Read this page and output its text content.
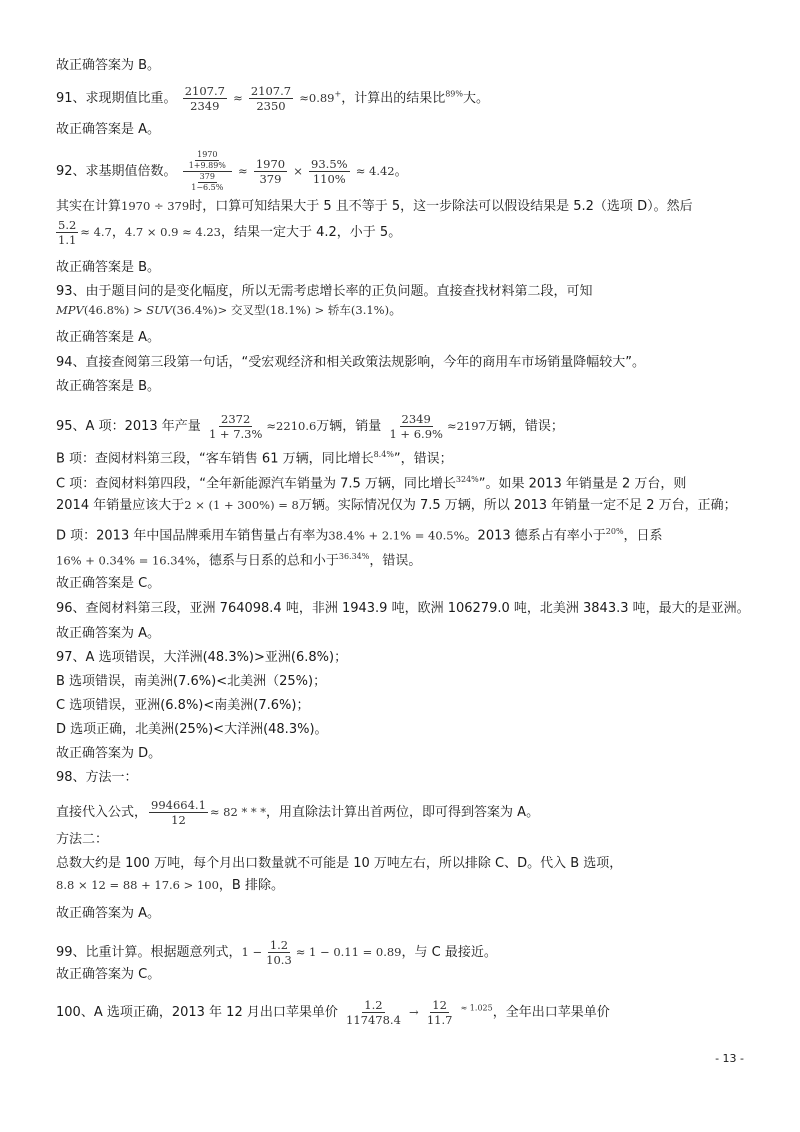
故正确答案为 B。
91、求现期值比重。 $\frac{2107.7}{2349} \approx \frac{2107.7}{2350} \approx 0.89^+$，计算出的结果比$^{89\%}$大。
故正确答案是 A。
92、求基期值倍数。 $\frac{\frac{1970}{1+9.89\%}}{\frac{379}{1-6.5\%}} \approx \frac{1970}{379} \times \frac{93.5\%}{110\%} \approx 4.42$。
其实在计算1970 ÷ 379时，口算可知结果大于 5 且不等于 5，这一步除法可以假设结果是 5.2（选项 D）。然后
$\frac{5.2}{1.1} \approx 4.7$，4.7 × 0.9 ≈ 4.23，结果一定大于 4.2，小于 5。
故正确答案是 B。
93、由于题目问的是变化幅度，所以无需考虑增长率的正负问题。直接查找材料第二段，可知
MPV(46.8%) > SUV(36.4%)> 交叉型(18.1%) > 轿车(3.1%)。
故正确答案是 A。
94、直接查阅第三段第一句话，“受宏观经济和相关政策法规影响，今年的商用车市场销量降幅较大”。
故正确答案是 B。
95、A 项：2013 年产量 $\frac{2372}{1 + 7.3\%} \approx 2210.6$万辆，销量 $\frac{2349}{1 + 6.9\%} \approx 2197$万辆，错误；
B 项：查阅材料第三段，“客车销售 61 万辆，同比增长$^{8.4\%}$”，错误；
C 项：查阅材料第四段，“全年新能源汽车销量为 7.5 万辆，同比增长$^{324\%}$”。如果 2013 年销量是 2 万台，则
2014 年销量应该大于2 × (1 + 300%) = 8万辆。实际情况仅为 7.5 万辆，所以 2013 年销量一定不足 2 万台，正确；
D 项：2013 年中国品牌乘用车销售量占有率为38.4% + 2.1% = 40.5%。2013 德系占有率小于$^{20\%}$，日系
16% + 0.34% = 16.34%，德系与日系的总和小于$^{36.34\%}$，错误。
故正确答案是 C。
96、查阅材料第三段，亚洲 764098.4 吨，非洲 1943.9 吨，欧洲 106279.0 吨，北美洲 3843.3 吨，最大的是亚洲。
故正确答案为 A。
97、A 选项错误，大洋洲(48.3%)>亚洲(6.8%)；
B 选项错误，南美洲(7.6%)<北美洲（25%)；
C 选项错误，亚洲(6.8%)<南美洲(7.6%)；
D 选项正确，北美洲(25%)<大洋洲(48.3%)。
故正确答案为 D。
98、方法一：
直接代入公式， $\frac{994664.1}{12} \approx 82$ * * *，用直除法计算出首两位，即可得到答案为 A。
方法二：
总数大约是 100 万吨，每个月出口数量就不可能是 10 万吨左右，所以排除 C、D。代入 B 选项，
8.8 × 12 = 88 + 17.6 > 100，B 排除。
故正确答案为 A。
99、比重计算。根据题意列式，$1 - \frac{1.2}{10.3} \approx 1 - 0.11 = 0.89$，与 C 最接近。
故正确答案为 C。
100、A 选项正确，2013 年 12 月出口苹果单价 $\frac{1.2}{117478.4} \to \frac{12}{11.7} ^{\approx 1.025}$，全年出口苹果单价
- 13 -
